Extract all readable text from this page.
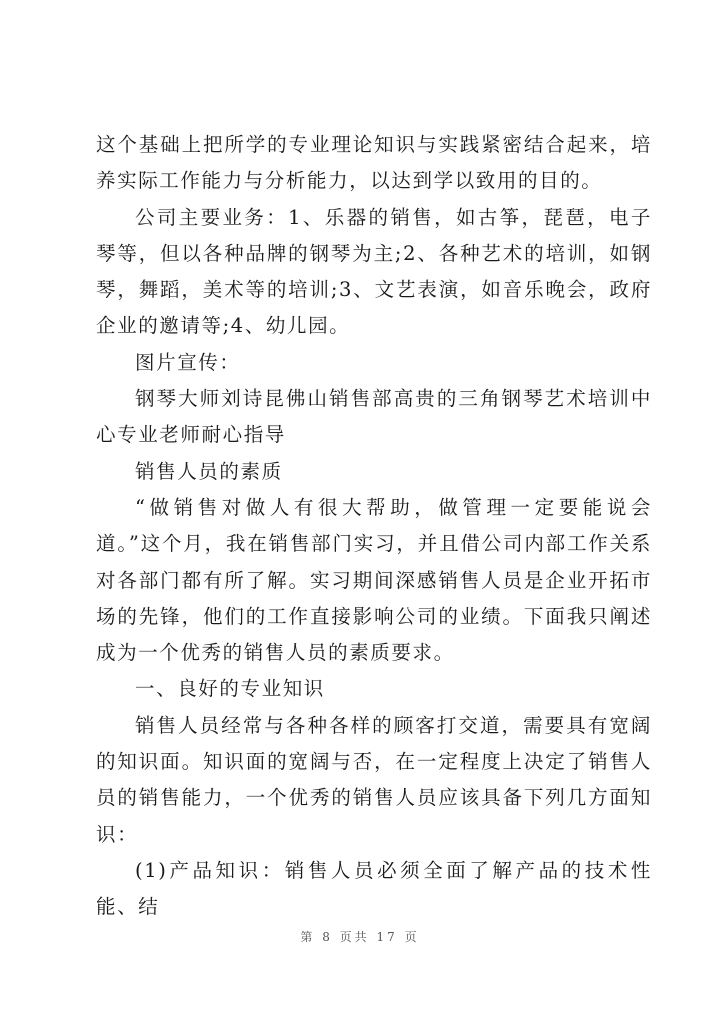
这个基础上把所学的专业理论知识与实践紧密结合起来，培养实际工作能力与分析能力，以达到学以致用的目的。

公司主要业务：1、乐器的销售，如古筝，琵琶，电子琴等，但以各种品牌的钢琴为主;2、各种艺术的培训，如钢琴，舞蹈，美术等的培训;3、文艺表演，如音乐晚会，政府企业的邀请等;4、幼儿园。

图片宣传：

钢琴大师刘诗昆佛山销售部高贵的三角钢琴艺术培训中心专业老师耐心指导

销售人员的素质

“做销售对做人有很大帮助，做管理一定要能说会道。”这个月，我在销售部门实习，并且借公司内部工作关系对各部门都有所了解。实习期间深感销售人员是企业开拓市场的先锋，他们的工作直接影响公司的业绩。下面我只阐述成为一个优秀的销售人员的素质要求。

一、良好的专业知识

销售人员经常与各种各样的顾客打交道，需要具有宽阔的知识面。知识面的宽阔与否，在一定程度上决定了销售人员的销售能力，一个优秀的销售人员应该具备下列几方面知识：

(1)产品知识：销售人员必须全面了解产品的技术性能、结

第 8 页共 17 页
